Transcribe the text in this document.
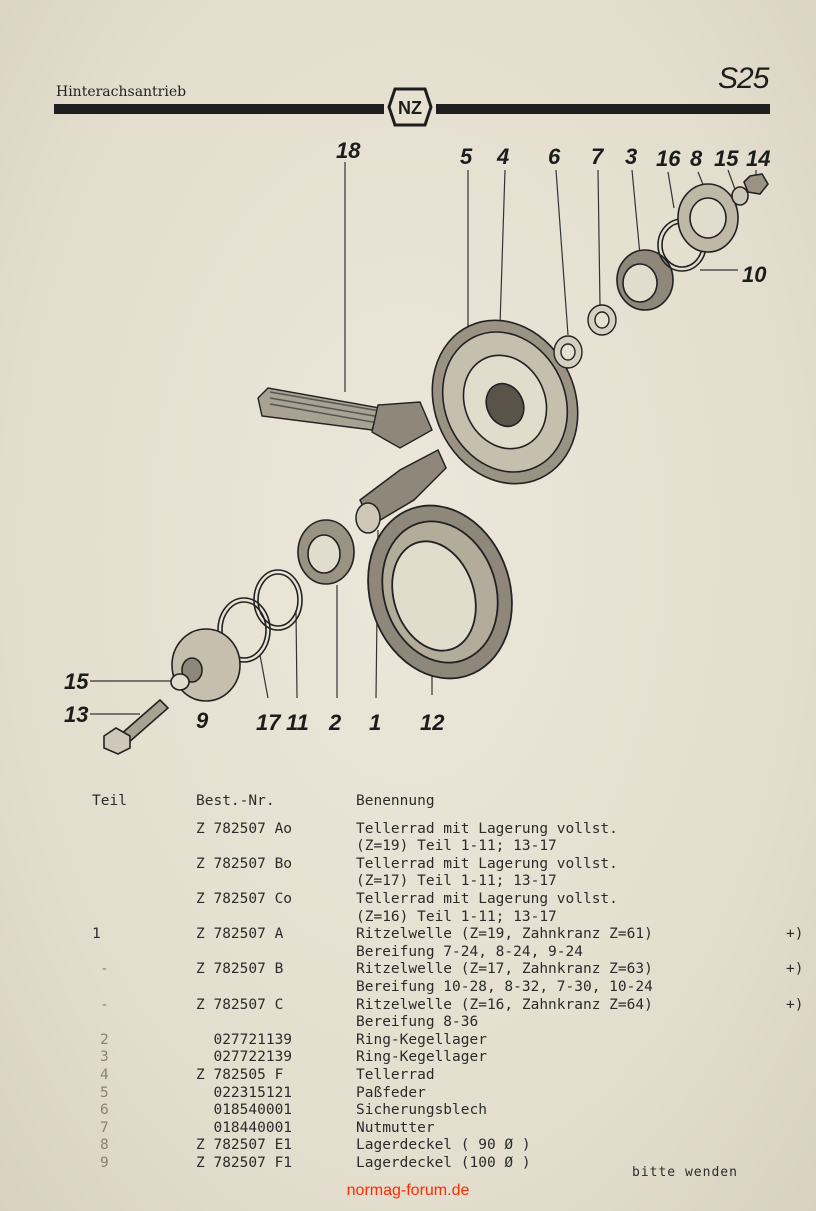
Hinterachsantrieb	S25
NZ
18	5 4 6 7 3 16 8 15 14
10
15
13	9 17 11 2 1 12
Teil	Best.-Nr.	Benennung
	Z 782507 Ao	Tellerrad mit Lagerung vollst.
		(Z=19) Teil 1-11; 13-17
	Z 782507 Bo	Tellerrad mit Lagerung vollst.
		(Z=17) Teil 1-11; 13-17
	Z 782507 Co	Tellerrad mit Lagerung vollst.
		(Z=16) Teil 1-11; 13-17
1	Z 782507 A	Ritzelwelle (Z=19, Zahnkranz Z=61) +)

		Bereifung 7-24, 8-24, 9-24
-	Z 782507 B	Ritzelwelle (Z=17, Zahnkranz Z=63) +)

		Bereifung 10-28, 8-32, 7-30, 10-24
-	Z 782507 C	Ritzelwelle (Z=16, Zahnkranz Z=64) +)

		Bereifung 8-36
2	027721139	Ring-Kegellager
3	027722139	Ring-Kegellager
4	Z 782505 F	Tellerrad
5	022315121	Paßfeder
6	018540001	Sicherungsblech
7	018440001	Nutmutter
8	Z 782507 E1	Lagerdeckel ( 90 Ø )
9	Z 782507 F1	Lagerdeckel (100 Ø )
bitte wenden
normag-forum.de
